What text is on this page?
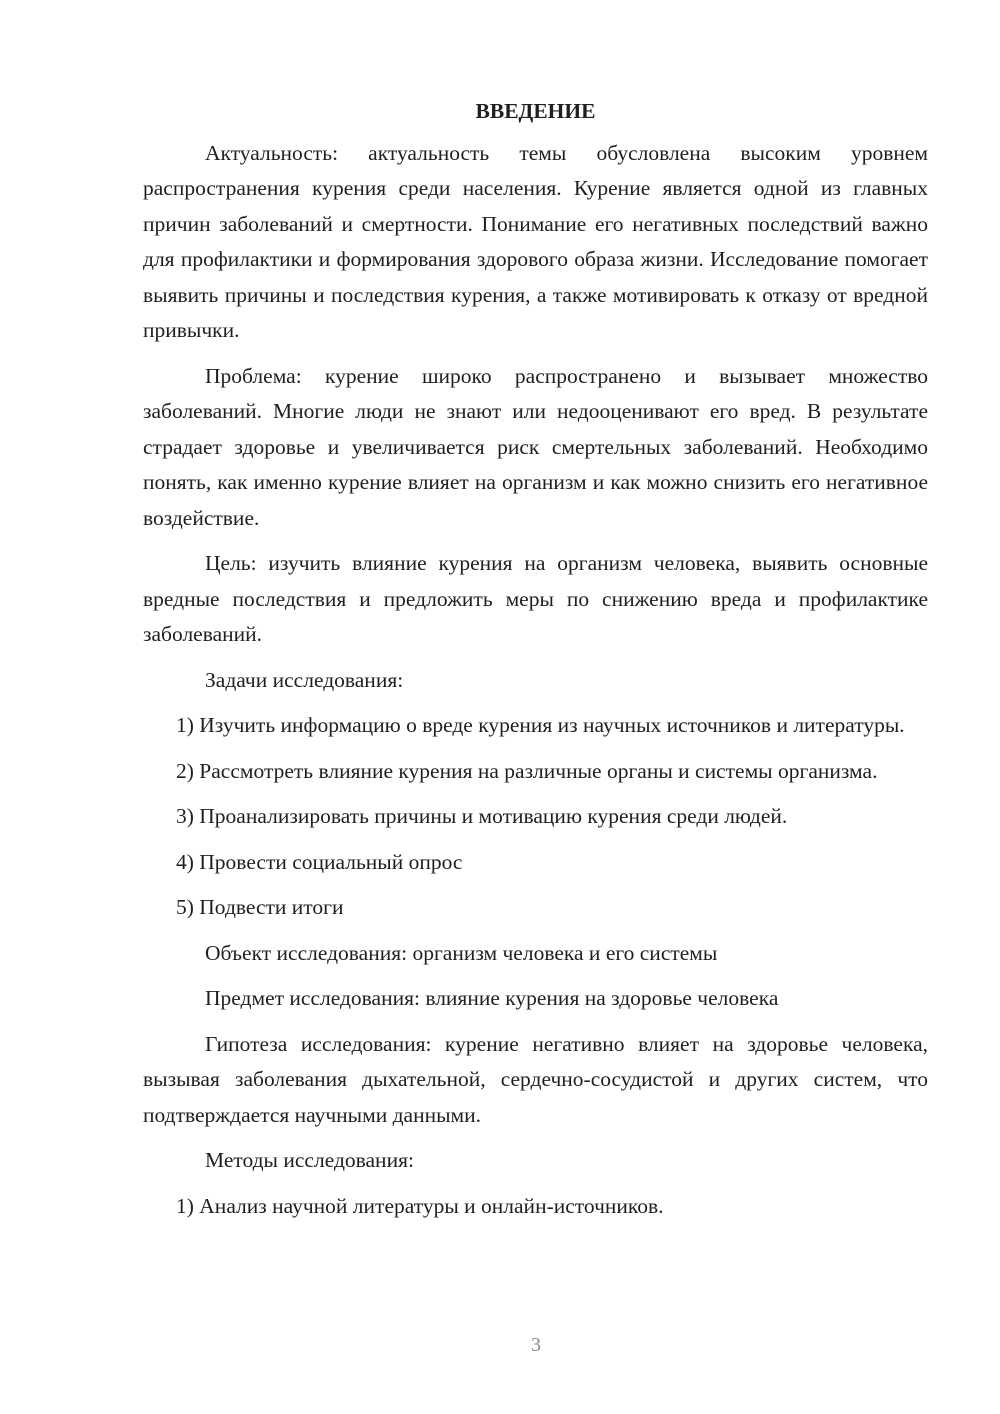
ВВЕДЕНИЕ

Актуальность: актуальность темы обусловлена высоким уровнем распространения курения среди населения. Курение является одной из главных причин заболеваний и смертности. Понимание его негативных последствий важно для профилактики и формирования здорового образа жизни. Исследование помогает выявить причины и последствия курения, а также мотивировать к отказу от вредной привычки.

Проблема: курение широко распространено и вызывает множество заболеваний. Многие люди не знают или недооценивают его вред. В результате страдает здоровье и увеличивается риск смертельных заболеваний. Необходимо понять, как именно курение влияет на организм и как можно снизить его негативное воздействие.

Цель: изучить влияние курения на организм человека, выявить основные вредные последствия и предложить меры по снижению вреда и профилактике заболеваний.

Задачи исследования:

1) Изучить информацию о вреде курения из научных источников и литературы.

2) Рассмотреть влияние курения на различные органы и системы организма.

3) Проанализировать причины и мотивацию курения среди людей.

4) Провести социальный опрос

5) Подвести итоги

Объект исследования: организм человека и его системы

Предмет исследования: влияние курения на здоровье человека

Гипотеза исследования: курение негативно влияет на здоровье человека, вызывая заболевания дыхательной, сердечно-сосудистой и других систем, что подтверждается научными данными.

Методы исследования:

1) Анализ научной литературы и онлайн-источников.

3
